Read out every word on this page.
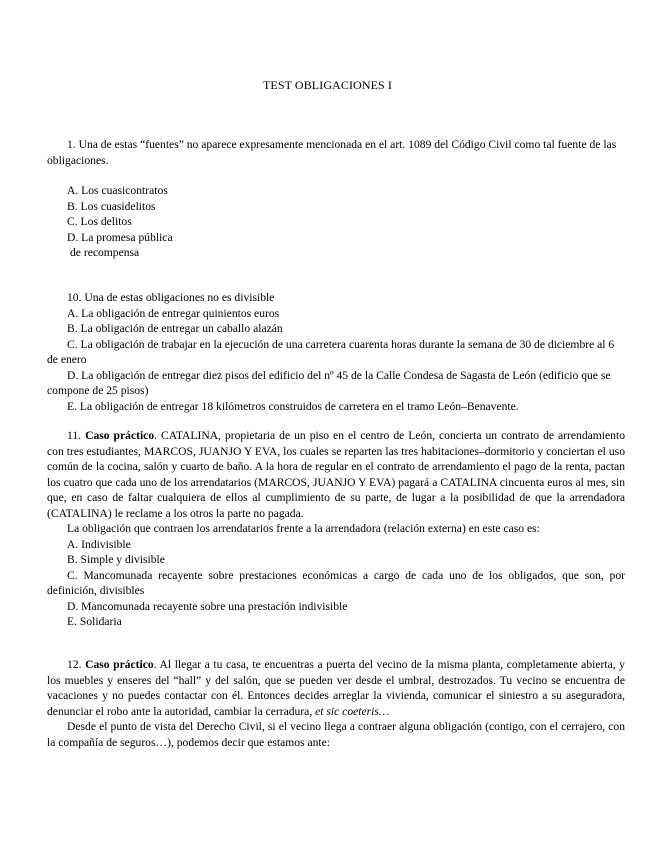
TEST OBLIGACIONES I

1. Una de estas “fuentes” no aparece expresamente mencionada en el art. 1089 del Código Civil como tal fuente de las obligaciones.

A. Los cuasicontratos

B. Los cuasidelitos

C. Los delitos

D. La promesa pública

de recompensa

10. Una de estas obligaciones no es divisible

A. La obligación de entregar quinientos euros

B. La obligación de entregar un caballo alazán

C. La obligación de trabajar en la ejecución de una carretera cuarenta horas durante la semana de 30 de diciembre al 6 de enero

D. La obligación de entregar diez pisos del edificio del nº 45 de la Calle Condesa de Sagasta de León (edificio que se compone de 25 pisos)

E. La obligación de entregar 18 kilómetros construidos de carretera en el tramo León–Benavente.

11. Caso práctico. CATALINA, propietaria de un piso en el centro de León, concierta un contrato de arrendamiento con tres estudiantes, MARCOS, JUANJO Y EVA, los cuales se reparten las tres habitaciones–dormitorio y conciertan el uso común de la cocina, salón y cuarto de baño. A la hora de regular en el contrato de arrendamiento el pago de la renta, pactan los cuatro que cada uno de los arrendatarios (MARCOS, JUANJO Y EVA) pagará a CATALINA cincuenta euros al mes, sin que, en caso de faltar cualquiera de ellos al cumplimiento de su parte, de lugar a la posibilidad de que la arrendadora (CATALINA) le reclame a los otros la parte no pagada.

La obligación que contraen los arrendatarios frente a la arrendadora (relación externa) en este caso es:

A. Indivisible

B. Simple y divisible

C. Mancomunada recayente sobre prestaciones económicas a cargo de cada uno de los obligados, que son, por definición, divisibles

D. Mancomunada recayente sobre una prestación indivisible

E. Solidaria

12. Caso práctico. Al llegar a tu casa, te encuentras a puerta del vecino de la misma planta, completamente abierta, y los muebles y enseres del “hall” y del salón, que se pueden ver desde el umbral, destrozados. Tu vecino se encuentra de vacaciones y no puedes contactar con él. Entonces decides arreglar la vivienda, comunicar el siniestro a su aseguradora, denunciar el robo ante la autoridad, cambiar la cerradura, et sic coeteris…

Desde el punto de vista del Derecho Civil, si el vecino llega a contraer alguna obligación (contigo, con el cerrajero, con la compañía de seguros…), podemos decir que estamos ante:
